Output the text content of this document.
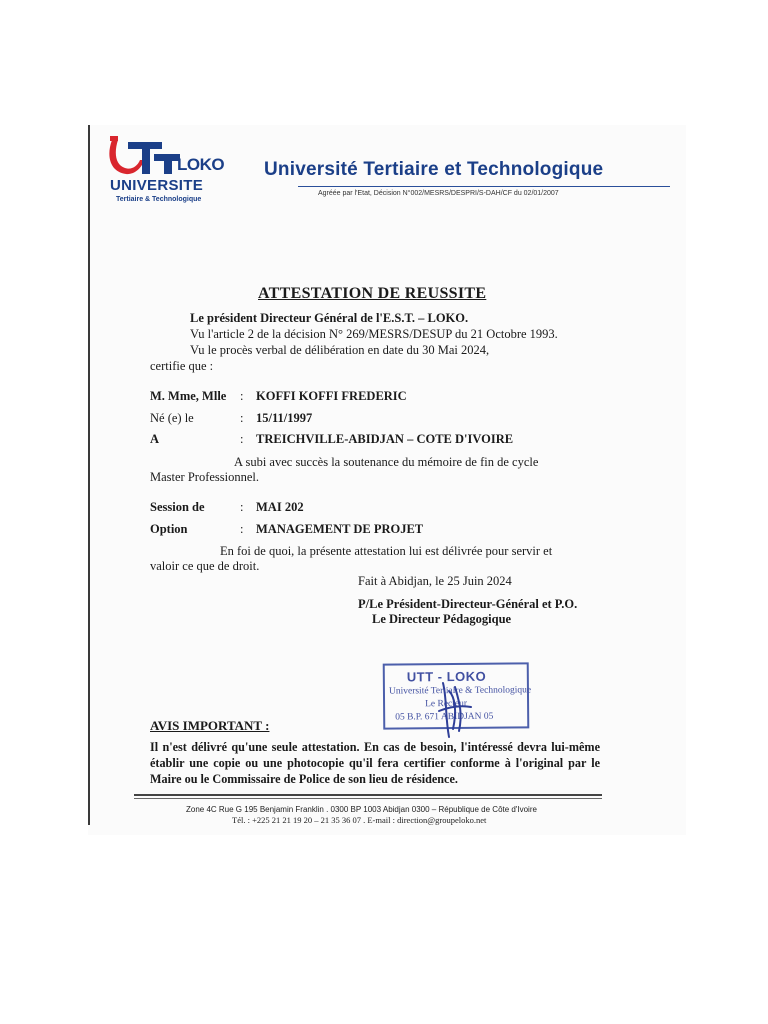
LOKO
UNIVERSITE
Tertiaire & Technologique
Université Tertiaire et Technologique
Agréée par l'Etat, Décision N°002/MESRS/DESPRI/S-DAH/CF du 02/01/2007
ATTESTATION DE REUSSITE
Le président Directeur Général de l'E.S.T. – LOKO.
Vu l'article 2 de la décision N° 269/MESRS/DESUP du 21 Octobre 1993.
Vu le procès verbal de délibération en date du 30 Mai 2024,
certifie que :
M. Mme, Mlle : KOFFI KOFFI FREDERIC
Né (e) le	: 15/11/1997
A	: TREICHVILLE-ABIDJAN – COTE D'IVOIRE
A subi avec succès la soutenance du mémoire de fin de cycle
Master Professionnel.
Session de	: MAI 202
Option	: MANAGEMENT DE PROJET
En foi de quoi, la présente attestation lui est délivrée pour servir et
valoir ce que de droit.
Fait à Abidjan, le 25 Juin 2024
P/Le Président-Directeur-Général et P.O.
Le Directeur Pédagogique
UTT - LOKO
Université Tertiaire & Technologique
Le Recteur
05 B.P. 671 ABIDJAN 05
AVIS IMPORTANT :
Il n'est délivré qu'une seule attestation. En cas de besoin, l'intéressé devra lui-même établir une copie ou une photocopie qu'il fera certifier conforme à l'original par le Maire ou le Commissaire de Police de son lieu de résidence.
Zone 4C Rue G 195 Benjamin Franklin . 0300 BP 1003 Abidjan 0300 – République de Côte d'Ivoire
Tél. : +225 21 21 19 20 – 21 35 36 07 . E-mail : direction@groupeloko.net
